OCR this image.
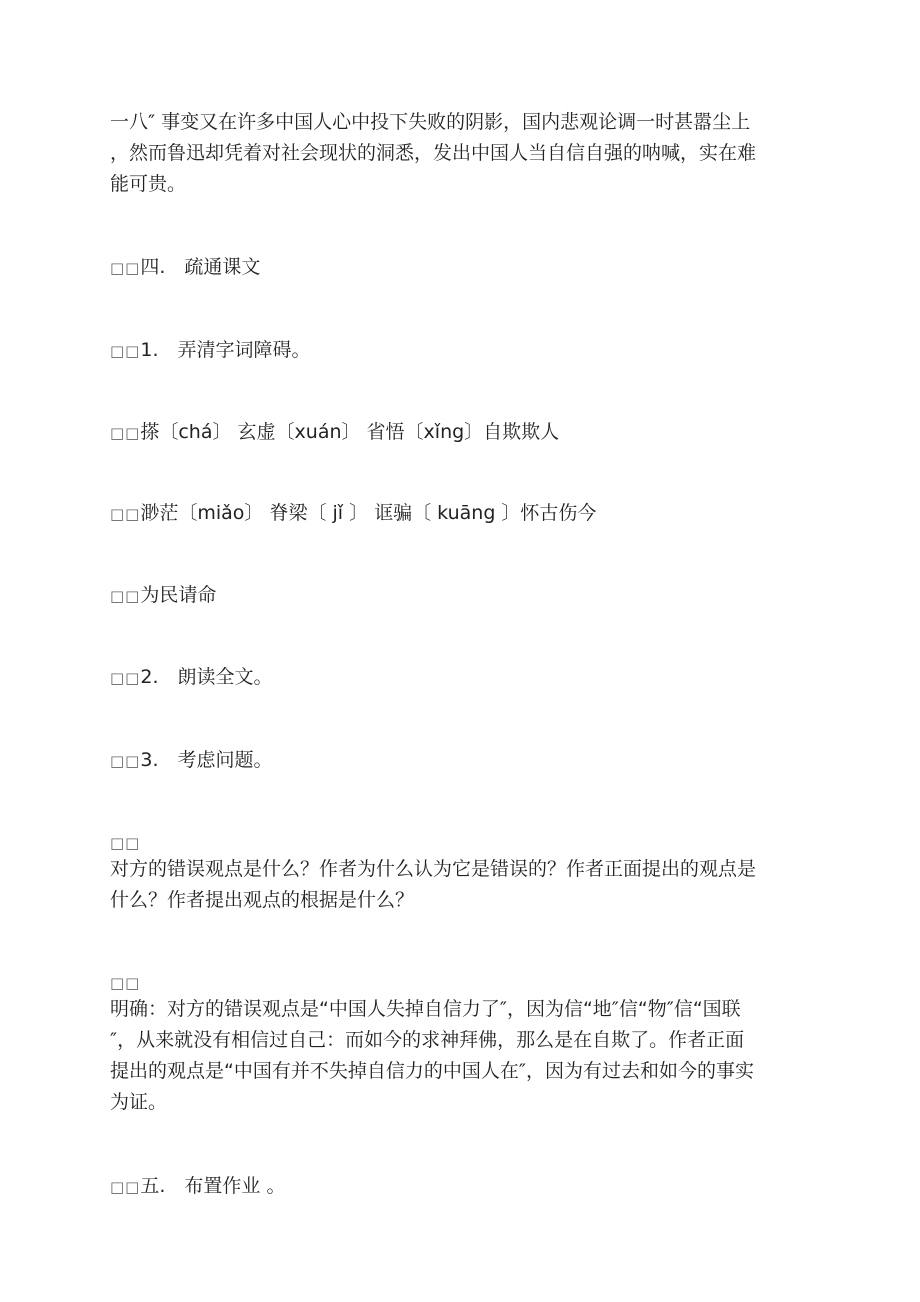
一八″ 事变又在许多中国人心中投下失败的阴影，国内悲观论调一时甚嚣尘上
，然而鲁迅却凭着对社会现状的洞悉，发出中国人当自信自强的呐喊，实在难
能可贵。
□□四.　疏通课文
□□1.　弄清字词障碍。
□□搽〔chá〕 玄虚〔xuán〕 省悟〔xǐng〕自欺欺人
□□渺茫〔miǎo〕 脊梁〔 jǐ 〕 诓骗〔 kuāng 〕怀古伤今
□□为民请命
□□2.　朗读全文。
□□3.　考虑问题。
□□
对方的错误观点是什么？作者为什么认为它是错误的？作者正面提出的观点是
什么？作者提出观点的根据是什么？
□□
明确：对方的错误观点是“中国人失掉自信力了″，因为信“地″信“物″信“国联
″，从来就没有相信过自己：而如今的求神拜佛，那么是在自欺了。作者正面
提出的观点是“中国有并不失掉自信力的中国人在″，因为有过去和如今的事实
为证。
□□五.　布置作业 。
